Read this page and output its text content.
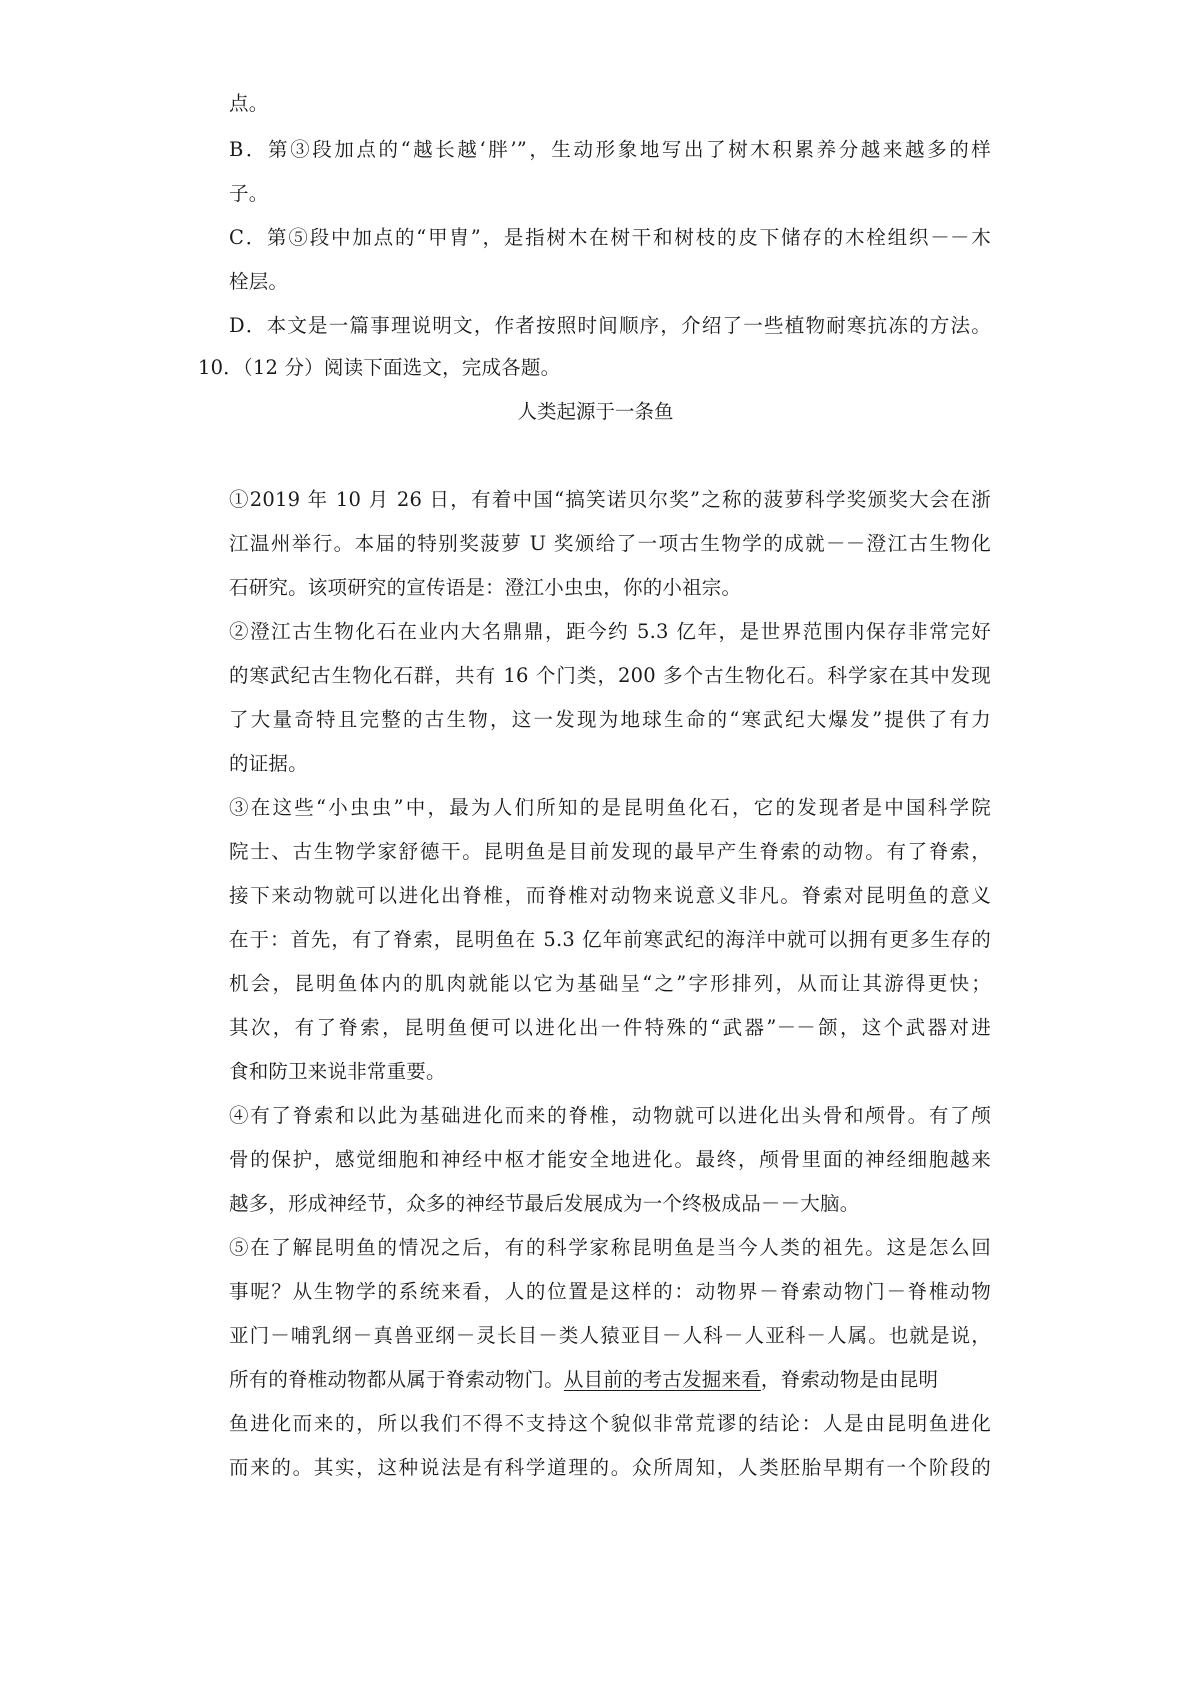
点。
B．第③段加点的“越长越‘胖’”，生动形象地写出了树木积累养分越来越多的样
子。
C．第⑤段中加点的“甲胄”，是指树木在树干和树枝的皮下储存的木栓组织－－木
栓层。
D．本文是一篇事理说明文，作者按照时间顺序，介绍了一些植物耐寒抗冻的方法。
10．（12 分）阅读下面选文，完成各题。
人类起源于一条鱼
①2019 年 10 月 26 日，有着中国“搞笑诺贝尔奖”之称的菠萝科学奖颁奖大会在浙
江温州举行。本届的特别奖菠萝 U 奖颁给了一项古生物学的成就－－澄江古生物化
石研究。该项研究的宣传语是：澄江小虫虫，你的小祖宗。
②澄江古生物化石在业内大名鼎鼎，距今约 5.3 亿年，是世界范围内保存非常完好
的寒武纪古生物化石群，共有 16 个门类，200 多个古生物化石。科学家在其中发现
了大量奇特且完整的古生物，这一发现为地球生命的“寒武纪大爆发”提供了有力
的证据。
③在这些“小虫虫”中，最为人们所知的是昆明鱼化石，它的发现者是中国科学院
院士、古生物学家舒德干。昆明鱼是目前发现的最早产生脊索的动物。有了脊索，
接下来动物就可以进化出脊椎，而脊椎对动物来说意义非凡。脊索对昆明鱼的意义
在于：首先，有了脊索，昆明鱼在 5.3 亿年前寒武纪的海洋中就可以拥有更多生存的
机会，昆明鱼体内的肌肉就能以它为基础呈“之”字形排列，从而让其游得更快；
其次，有了脊索，昆明鱼便可以进化出一件特殊的“武器”－－颌，这个武器对进
食和防卫来说非常重要。
④有了脊索和以此为基础进化而来的脊椎，动物就可以进化出头骨和颅骨。有了颅
骨的保护，感觉细胞和神经中枢才能安全地进化。最终，颅骨里面的神经细胞越来
越多，形成神经节，众多的神经节最后发展成为一个终极成品－－大脑。
⑤在了解昆明鱼的情况之后，有的科学家称昆明鱼是当今人类的祖先。这是怎么回
事呢？从生物学的系统来看，人的位置是这样的：动物界－脊索动物门－脊椎动物
亚门－哺乳纲－真兽亚纲－灵长目－类人猿亚目－人科－人亚科－人属。也就是说，
所有的脊椎动物都从属于脊索动物门。从目前的考古发掘来看，脊索动物是由昆明
鱼进化而来的，所以我们不得不支持这个貌似非常荒谬的结论：人是由昆明鱼进化
而来的。其实，这种说法是有科学道理的。众所周知，人类胚胎早期有一个阶段的
